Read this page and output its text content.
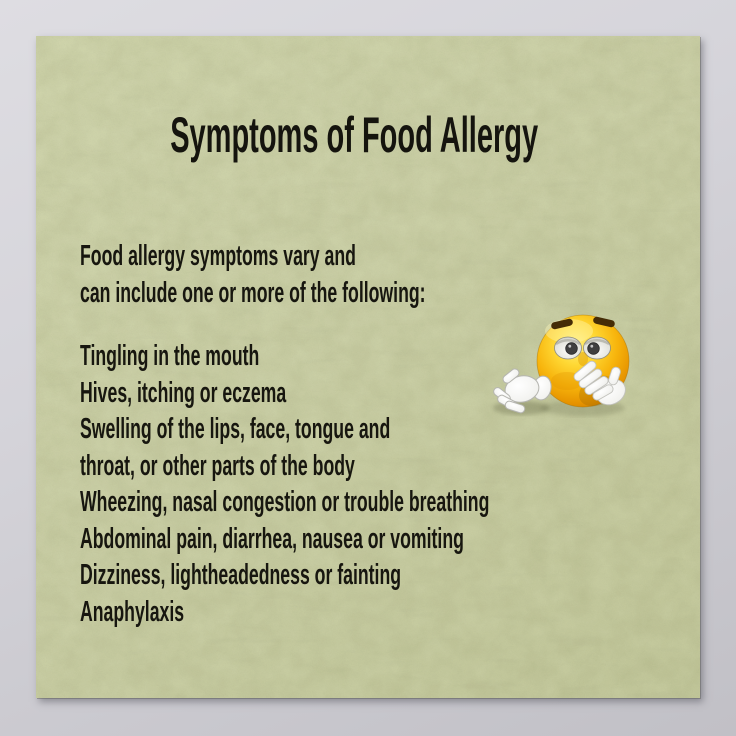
Symptoms of Food Allergy
Food allergy symptoms vary and
can include one or more of the following:
Tingling in the mouth
Hives, itching or eczema
Swelling of the lips, face, tongue and
throat, or other parts of the body
Wheezing, nasal congestion or trouble breathing
Abdominal pain, diarrhea, nausea or vomiting
Dizziness, lightheadedness or fainting
Anaphylaxis
